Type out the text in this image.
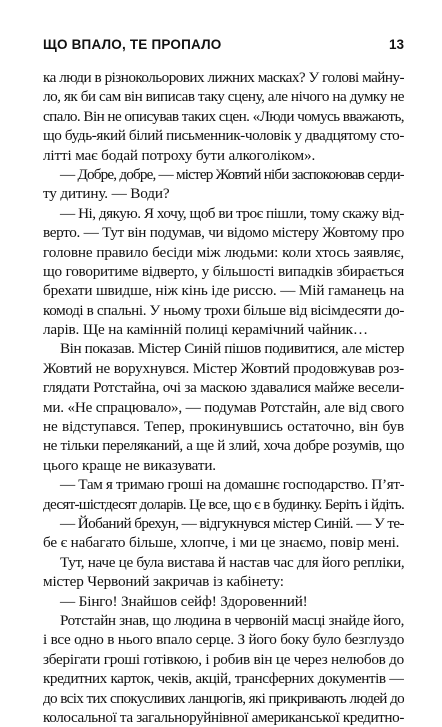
ЩО ВПАЛО, ТЕ ПРОПАЛО	13
ка люди в різнокольорових лижних масках? У голові майну-
ло, як би сам він виписав таку сцену, але нічого на думку не
спало. Він не описував таких сцен. «Люди чомусь вважають,
що будь-який білий письменник-чоловік у двадцятому сто-
літті має бодай потроху бути алкоголіком».
— Добре, добре, — містер Жовтий ніби заспокоював серди-
ту дитину. — Води?
— Ні, дякую. Я хочу, щоб ви троє пішли, тому скажу від-
верто. — Тут він подумав, чи відомо містеру Жовтому про
головне правило бесіди між людьми: коли хтось заявляє,
що говоритиме відверто, у більшості випадків збирається
брехати швидше, ніж кінь іде риссю. — Мій гаманець на
комоді в спальні. У ньому трохи більше від вісімдесяти до-
ларів. Ще на камінній полиці керамічний чайник…
Він показав. Містер Синій пішов подивитися, але містер
Жовтий не ворухнувся. Містер Жовтий продовжував роз-
глядати Ротстайна, очі за маскою здавалися майже весели-
ми. «Не спрацювало», — подумав Ротстайн, але від свого
не відступався. Тепер, прокинувшись остаточно, він був
не тільки переляканий, а ще й злий, хоча добре розумів, що
цього краще не виказувати.
— Там я тримаю гроші на домашнє господарство. П’ят-
десят-шістдесят доларів. Це все, що є в будинку. Беріть і йдіть.
— Йобаний брехун, — відгукнувся містер Синій. — У те-
бе є набагато більше, хлопче, і ми це знаємо, повір мені.
Тут, наче це була вистава й настав час для його репліки,
містер Червоний закричав із кабінету:
— Бінго! Знайшов сейф! Здоровенний!
Ротстайн знав, що людина в червоній масці знайде його,
і все одно в нього впало серце. З його боку було безглуздо
зберігати гроші готівкою, і робив він це через нелюбов до
кредитних карток, чеків, акцій, трансферних документів —
до всіх тих спокусливих ланцюгів, які прикривають людей до
колосальної та загальноруйнівної американської кредитно-
